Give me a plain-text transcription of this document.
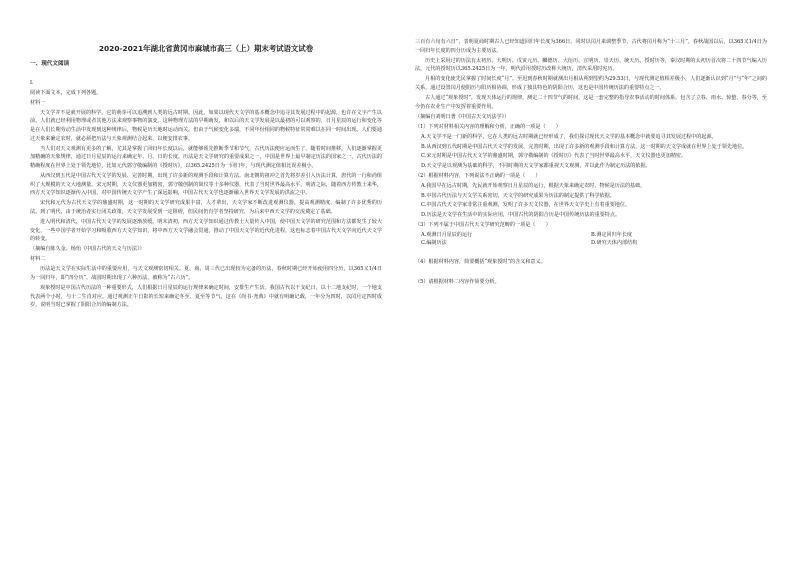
2020-2021年湖北省黄冈市麻城市高三（上）期末考试语文试卷
一、现代文阅读
I.
阅读下面文本，完成下列各题。
材料一
天文学并不是就开展的科学，它的萌芽可以追溯到人类的远古时期。因此，如果以现代天文学的基本概念中追寻其发展过程中的起源，也许在文字产生以前。人们就已经利用物理或者其他方法来观察事物的演变。这种物理方法的早期萌发，和以后的天文学发展是以最初的可以观察的，日月星辰的运行和变化等是在人们长期劳动生活中发现到这种规律后，物候是历天地时运动而关，但由于气候变化多端，不同年份相同的物候特征常常难以在同一时间出现。人们要通过天象来确定农时，就必须把历法与天象观测结合起来，以便安排农事。
当人们对天文观测有更多的了解，尤其是掌握了回归年长度以后，就能够预先推断季节和节气，古代历法便应运而生了。随着时间推移，人们逐渐掌握更加精确的天象规律，通过日月星辰的运行来确定年、月、日的长度。历法是天文学研究的重要成果之一，中国是世界上最早制定历法的国家之一，古代历法的精确程度在世界上处于领先地位，比如元代郭守敬编制的《授时历》，以365.2425日为一回归年，与现代测定值相比误差极小。
从西汉到五代是中国古代天文学的发展、完善时期，出现了许多新的观测手段和计算方法。南北朝的祖冲之首先将岁差引入历法计算，唐代的一行和尚组织了大规模的天文大地测量。宋元时期，天文仪器更加精密，郭守敬创制的简仪等十多种仪器，代表了当时世界最高水平。明清之际，随着西方传教士来华，西方天文学知识逐渐传入中国，对中国传统天文学产生了深远影响，中国古代天文学也逐渐融入世界天文学发展的洪流之中。
宋代和元代为古代天文学的鼎盛时期，这一时期的天文学研究成果丰富，人才辈出，天文学家不断改进观测仪器，提高观测精度，编制了许多优秀的历法。到了明代，由于统治者实行闭关政策，天文学发展受到一定阻碍，但民间仍有学者坚持研究，为后来中西天文学的交流奠定了基础。
进入明代和清代，中国古代天文学的发展逐渐放缓。明末清初，西方天文学知识通过传教士大量传入中国，使中国天文学的研究范围和方法都发生了较大变化，一些中国学者开始学习和吸收西方天文学知识，将中西方天文学融会贯通，推动了中国天文学的近代化进程，这也标志着中国古代天文学向近代天文学的转变。
（摘编自陈久金、杨怡《中国古代的天文与历法》）
材料二
历法是天文学在实际生活中的重要应用，与天文观测密切相关。夏、商、周三代已出现较为完备的历法，春秋时期已经开始使用四分历，以365又1/4日为一回归年，即“四分历”，战国时期出现了六种历法，被称为“古六历”。
观象授时是中国古代历法的一种重要形式，人们根据日月星辰的运行规律来确定时间，安排生产生活。我国古代以干支纪日，以十二地支纪时，一个地支代表两个小时，与十二生肖对应。通过观测正午日影的长短来确定冬至、夏至等节气，这在《尚书·尧典》中就有明确记载，一年分为四时，以闰月定四时成岁，说明当时已掌握了阴阳合历的编制方法。
三百有六旬有六日”，表明夏商时期古人已经知道回归年长度为366日，同时以闰月来调整季节，古代将闰月称为“十三月”。春秋战国以后，以365又1/4日为一回归年长度的四分历成为主要历法。
历史上采用过的历法有太初历、大明历、戊寅元历、麟德历、大衍历、宣明历、崇天历、统天历、授时历等，秦汉时期的太初历首次将二十四节气编入历法，元代的授时历以365.2425日为一年，明代沿用授时历改称大统历，清代采用时宪历。
月相的变化使先民掌握了时间长度“月”。至迟到春秋时期就测出月相从朔到望约为29.53日，与现代测定值相差极小，人们逐渐认识到“月”与“年”之间的关系，通过设置闰月使阴历与阳历相协调，形成了独具特色的阴阳合历，这也是中国传统历法的重要特点之一。
古人通过“观象授时”，发现天体运行的规律，测定二十四节气的时间，这是一套完整的指导农事活动的时间体系，包含了立春、雨水、惊蛰、春分等，至今仍在农业生产中发挥着重要作用。
（摘编自刘明日著《中国古天文历法学》）
（1）下列对材料相关内容的理解和分析，正确的一项是（　　）
A.天文学不是一门新的科学，它在人类的远古时期就已经形成了，我们探讨现代天文学的基本概念中就要追寻其发展过程中的起源。
B.从西汉到五代时期是中国古代天文学的发展、完善时期，出现了许多新的观测手段和计算方法，这一时期的天文学成就在世界上处于领先地位。
C.宋元时期是中国古代天文学的鼎盛时期，郭守敬编制的《授时历》代表了当时世界最高水平，天文仪器也更加精密。
D.天文学是以观测为基础的科学，不同时期的天文学家都重视天文观测，并以此作为制定历法的依据。
（2）根据材料内容，下列说法不正确的一项是（　　）
A.我国早在远古时期，先民就开始观察日月星辰的运行，根据天象来确定农时，物候是历法的基础。
B.中国古代历法与天文学关系密切，天文学的研究成果为历法的制定提供了科学依据。
C.中国古代天文学家非常注重观测，发明了许多天文仪器，在世界天文学史上有着重要地位。
D.历法是天文学在生活中的实际应用，中国古代的阴阳合历是中国传统历法的重要特点。
（3）下列不属于中国古代天文学研究范畴的一项是（　　）
A.观测日月星辰的运行	B.测定回归年长度
C.编制历法	D.研究天体内部结构
（4）根据材料内容，简要概括“观象授时”的含义和意义。
（5）请根据材料二内容作简要分析。
